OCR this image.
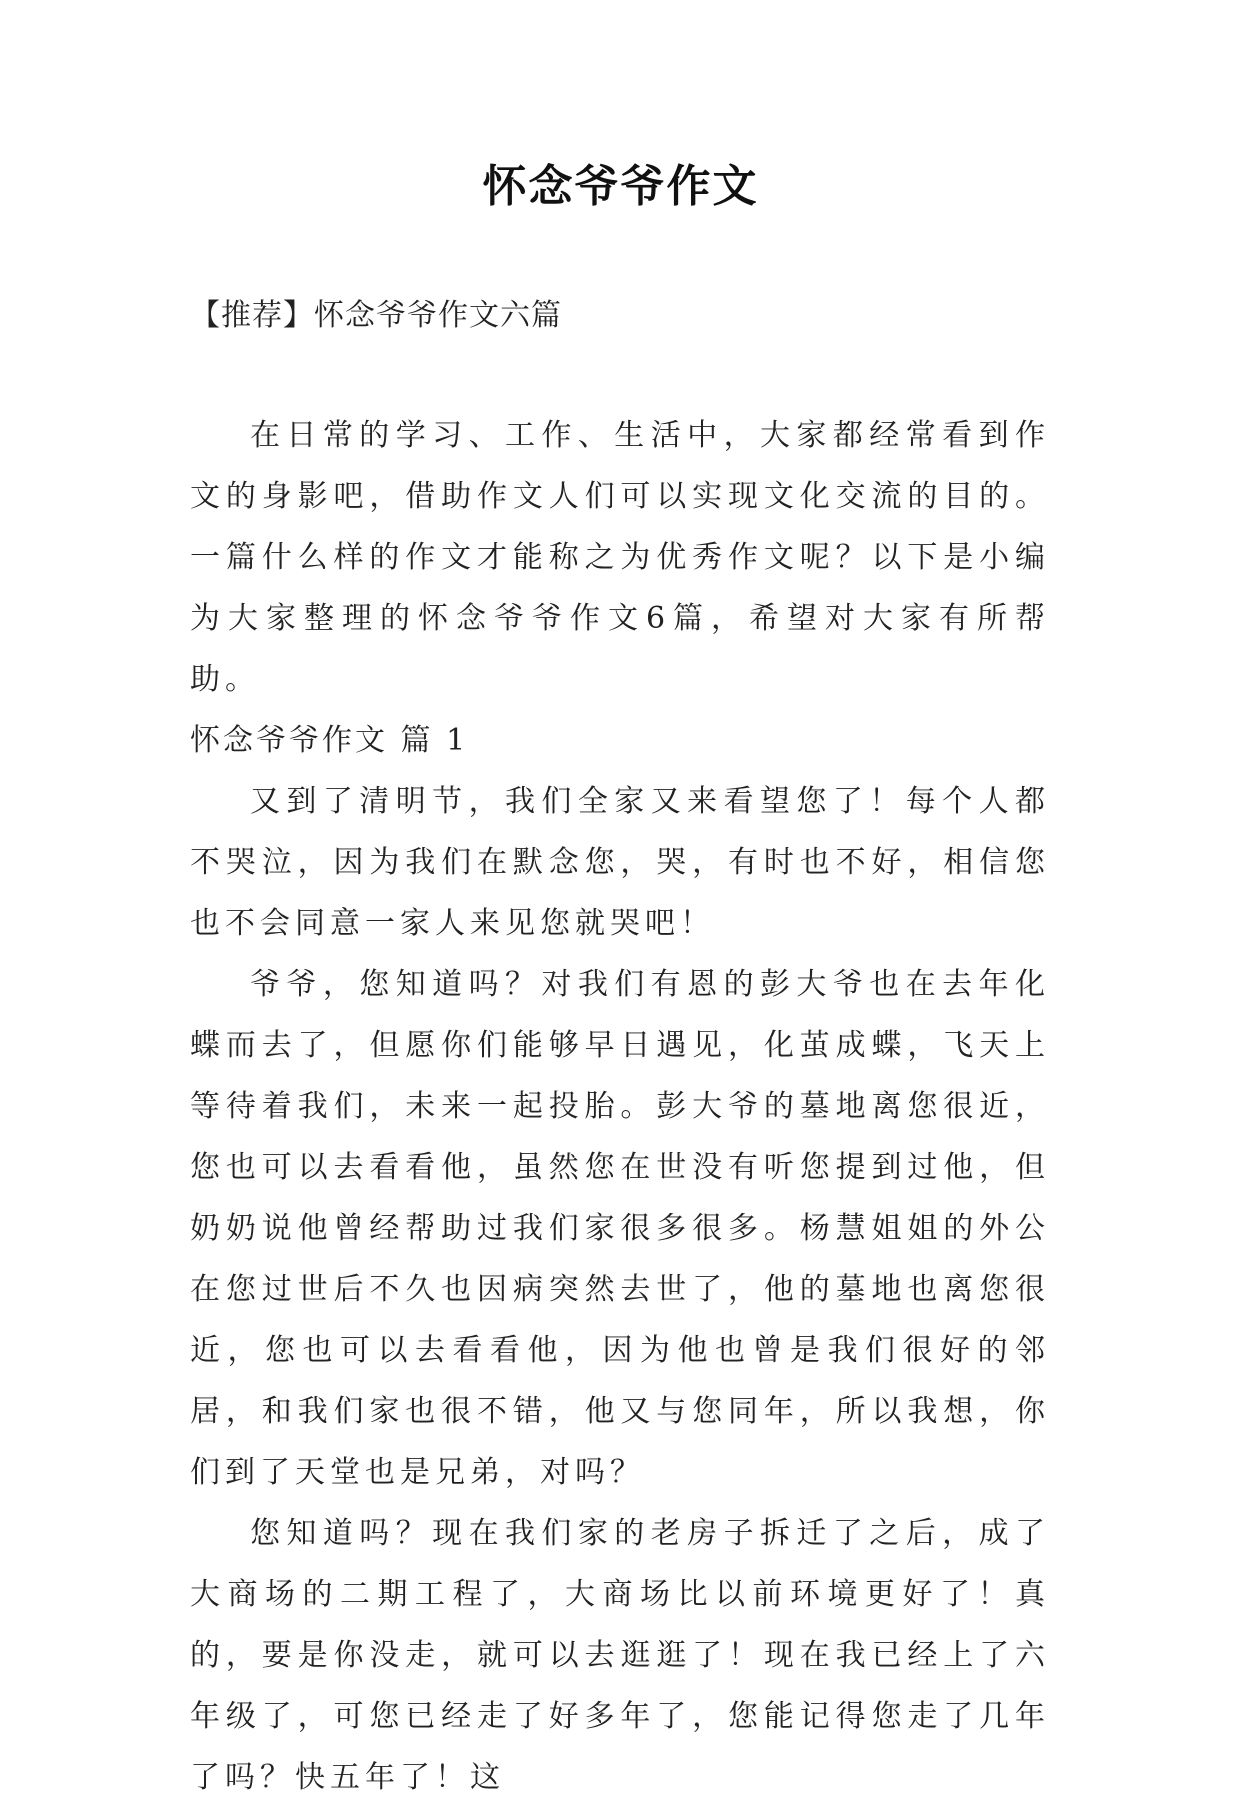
怀念爷爷作文

【推荐】怀念爷爷作文六篇

在日常的学习、工作、生活中，大家都经常看到作文的身影吧，借助作文人们可以实现文化交流的目的。一篇什么样的作文才能称之为优秀作文呢？以下是小编为大家整理的怀念爷爷作文6篇，希望对大家有所帮助。

怀念爷爷作文 篇 1

又到了清明节，我们全家又来看望您了！每个人都不哭泣，因为我们在默念您，哭，有时也不好，相信您也不会同意一家人来见您就哭吧！

爷爷，您知道吗？对我们有恩的彭大爷也在去年化蝶而去了，但愿你们能够早日遇见，化茧成蝶，飞天上等待着我们，未来一起投胎。彭大爷的墓地离您很近，您也可以去看看他，虽然您在世没有听您提到过他，但奶奶说他曾经帮助过我们家很多很多。杨慧姐姐的外公在您过世后不久也因病突然去世了，他的墓地也离您很近，您也可以去看看他，因为他也曾是我们很好的邻居，和我们家也很不错，他又与您同年，所以我想，你们到了天堂也是兄弟，对吗？

您知道吗？现在我们家的老房子拆迁了之后，成了大商场的二期工程了，大商场比以前环境更好了！真的，要是你没走，就可以去逛逛了！现在我已经上了六年级了，可您已经走了好多年了，您能记得您走了几年了吗？快五年了！这
